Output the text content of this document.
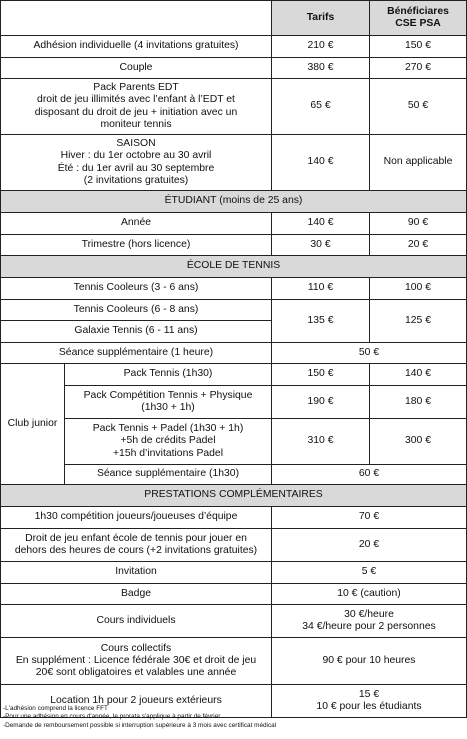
		Tarifs	Bénéficiares
CSE PSA
Adhésion individuelle (4 invitations gratuites)		210 €	150 €
Couple		380 €	270 €
Pack Parents EDT
droit de jeu illimités avec l’enfant à l’EDT et
disposant du droit de jeu + initiation avec un
moniteur tennis		65 €	50 €
SAISON
Hiver : du 1er octobre au 30 avril
Été : du 1er avril au 30 septembre
(2 invitations gratuites)		140 €	Non applicable
ÉTUDIANT (moins de 25 ans)			
Année		140 €	90 €
Trimestre (hors licence)		30 €	20 €
ÉCOLE DE TENNIS			
Tennis Cooleurs (3 - 6 ans)		110 €	100 €
Tennis Cooleurs (6 - 8 ans)		135 €	125 €
Galaxie Tennis (6 - 11 ans)			
Séance supplémentaire (1 heure)		50 €	
Club junior	Pack Tennis (1h30)	150 €	140 €
	Pack Compétition Tennis + Physique
(1h30 + 1h)	190 €	180 €
	Pack Tennis + Padel (1h30 + 1h)
+5h de crédits Padel
+15h d’invitations Padel	310 €	300 €
	Séance supplémentaire (1h30)	60 €	
PRESTATIONS COMPLÉMENTAIRES			
1h30 compétition joueurs/joueuses d’équipe		70 €	
Droit de jeu enfant école de tennis pour jouer en
dehors des heures de cours (+2 invitations gratuites)		20 €	
Invitation		5 €	
Badge		10 € (caution)	
Cours individuels		30 €/heure
34 €/heure pour 2 personnes	
Cours collectifs
En supplément : Licence fédérale 30€ et droit de jeu
20€ sont obligatoires et valables une année		90 € pour 10 heures	
Location 1h pour 2 joueurs extérieurs		15 €
10 € pour les étudiants	
-L'adhésion comprend la licence FFT
-Pour une adhésion en cours d'année, le prorata s'applique à partir de février
-Demande de remboursement possible si interruption supérieure à 3 mois avec certificat médical
